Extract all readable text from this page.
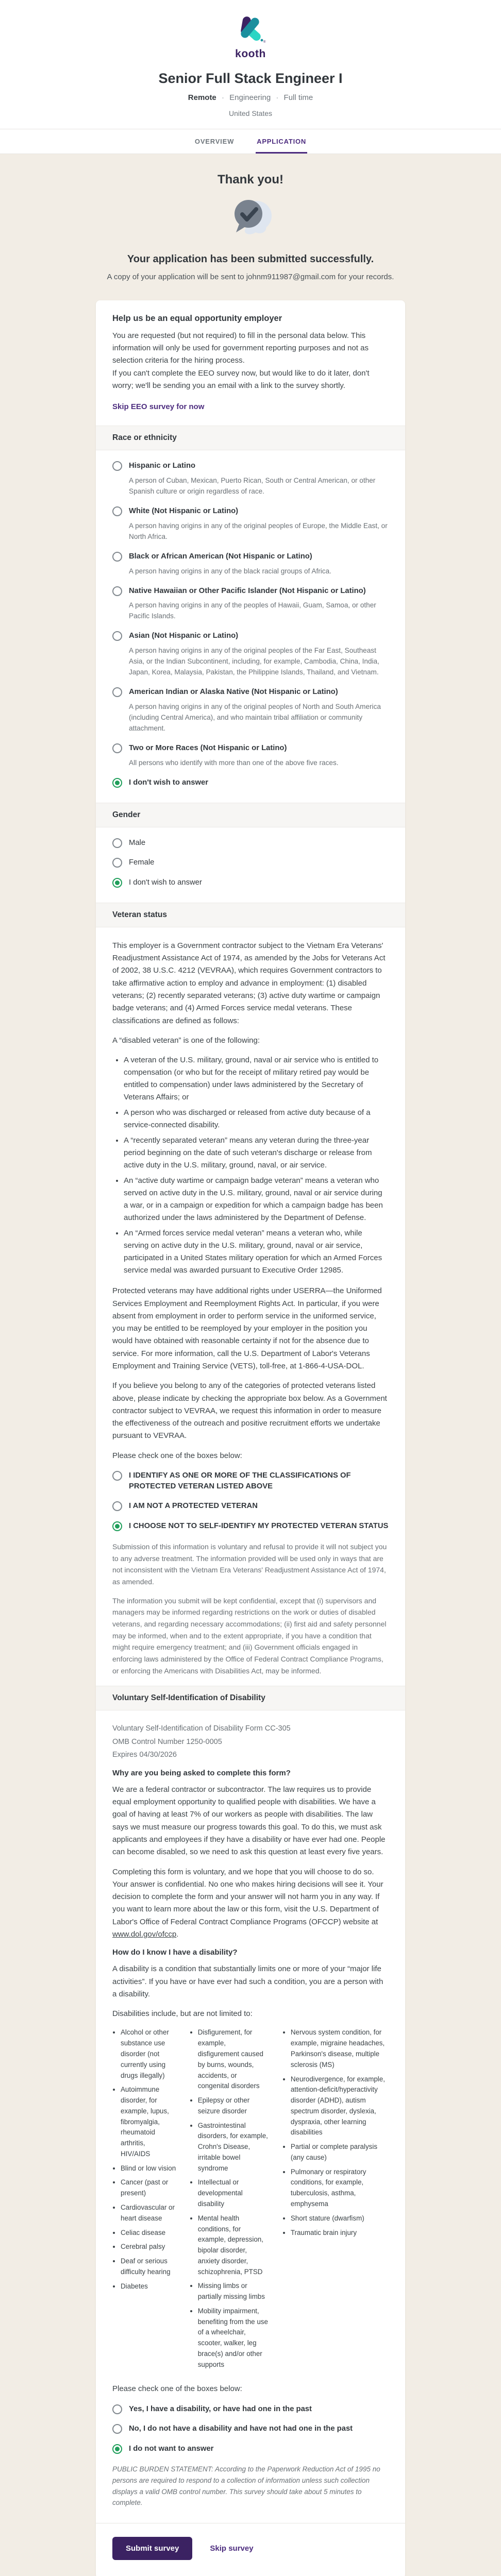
®
kooth
Senior Full Stack Engineer I
Remote · Engineering · Full time
United States
OVERVIEW	APPLICATION
Thank you!
Your application has been submitted successfully.
A copy of your application will be sent to johnm911987@gmail.com for your records.
Help us be an equal opportunity employer

You are requested (but not required) to fill in the personal data below. This information will only be used for government reporting purposes and not as selection criteria for the hiring process.

If you can't complete the EEO survey now, but would like to do it later, don't worry; we'll be sending you an email with a link to the survey shortly.

Skip EEO survey for now
Race or ethnicity
Hispanic or Latino
A person of Cuban, Mexican, Puerto Rican, South or Central American, or other Spanish culture or origin regardless of race.
White (Not Hispanic or Latino)
A person having origins in any of the original peoples of Europe, the Middle East, or North Africa.
Black or African American (Not Hispanic or Latino)
A person having origins in any of the black racial groups of Africa.
Native Hawaiian or Other Pacific Islander (Not Hispanic or Latino)
A person having origins in any of the peoples of Hawaii, Guam, Samoa, or other Pacific Islands.
Asian (Not Hispanic or Latino)
A person having origins in any of the original peoples of the Far East, Southeast Asia, or the Indian Subcontinent, including, for example, Cambodia, China, India, Japan, Korea, Malaysia, Pakistan, the Philippine Islands, Thailand, and Vietnam.
American Indian or Alaska Native (Not Hispanic or Latino)
A person having origins in any of the original peoples of North and South America (including Central America), and who maintain tribal affiliation or community attachment.
Two or More Races (Not Hispanic or Latino)
All persons who identify with more than one of the above five races.
I don't wish to answer
Gender
Male
Female
I don't wish to answer
Veteran status

This employer is a Government contractor subject to the Vietnam Era Veterans' Readjustment Assistance Act of 1974, as amended by the Jobs for Veterans Act of 2002, 38 U.S.C. 4212 (VEVRAA), which requires Government contractors to take affirmative action to employ and advance in employment: (1) disabled veterans; (2) recently separated veterans; (3) active duty wartime or campaign badge veterans; and (4) Armed Forces service medal veterans. These classifications are defined as follows:

A “disabled veteran” is one of the following:

• A veteran of the U.S. military, ground, naval or air service who is entitled to compensation (or who but for the receipt of military retired pay would be entitled to compensation) under laws administered by the Secretary of Veterans Affairs; or
• A person who was discharged or released from active duty because of a service-connected disability.
• A “recently separated veteran” means any veteran during the three-year period beginning on the date of such veteran's discharge or release from active duty in the U.S. military, ground, naval, or air service.
• An “active duty wartime or campaign badge veteran” means a veteran who served on active duty in the U.S. military, ground, naval or air service during a war, or in a campaign or expedition for which a campaign badge has been authorized under the laws administered by the Department of Defense.
• An “Armed forces service medal veteran” means a veteran who, while serving on active duty in the U.S. military, ground, naval or air service, participated in a United States military operation for which an Armed Forces service medal was awarded pursuant to Executive Order 12985.

Protected veterans may have additional rights under USERRA—the Uniformed Services Employment and Reemployment Rights Act. In particular, if you were absent from employment in order to perform service in the uniformed service, you may be entitled to be reemployed by your employer in the position you would have obtained with reasonable certainty if not for the absence due to service. For more information, call the U.S. Department of Labor's Veterans Employment and Training Service (VETS), toll-free, at 1-866-4-USA-DOL.

If you believe you belong to any of the categories of protected veterans listed above, please indicate by checking the appropriate box below. As a Government contractor subject to VEVRAA, we request this information in order to measure the effectiveness of the outreach and positive recruitment efforts we undertake pursuant to VEVRAA.

Please check one of the boxes below:

I IDENTIFY AS ONE OR MORE OF THE CLASSIFICATIONS OF PROTECTED VETERAN LISTED ABOVE
I AM NOT A PROTECTED VETERAN
I CHOOSE NOT TO SELF-IDENTIFY MY PROTECTED VETERAN STATUS

Submission of this information is voluntary and refusal to provide it will not subject you to any adverse treatment. The information provided will be used only in ways that are not inconsistent with the Vietnam Era Veterans' Readjustment Assistance Act of 1974, as amended.

The information you submit will be kept confidential, except that (i) supervisors and managers may be informed regarding restrictions on the work or duties of disabled veterans, and regarding necessary accommodations; (ii) first aid and safety personnel may be informed, when and to the extent appropriate, if you have a condition that might require emergency treatment; and (iii) Government officials engaged in enforcing laws administered by the Office of Federal Contract Compliance Programs, or enforcing the Americans with Disabilities Act, may be informed.

Voluntary Self-Identification of Disability

Voluntary Self-Identification of Disability Form CC-305

OMB Control Number 1250-0005

Expires 04/30/2026

Why are you being asked to complete this form?

We are a federal contractor or subcontractor. The law requires us to provide equal employment opportunity to qualified people with disabilities. We have a goal of having at least 7% of our workers as people with disabilities. The law says we must measure our progress towards this goal. To do this, we must ask applicants and employees if they have a disability or have ever had one. People can become disabled, so we need to ask this question at least every five years.

Completing this form is voluntary, and we hope that you will choose to do so. Your answer is confidential. No one who makes hiring decisions will see it. Your decision to complete the form and your answer will not harm you in any way. If you want to learn more about the law or this form, visit the U.S. Department of Labor's Office of Federal Contract Compliance Programs (OFCCP) website at www.dol.gov/ofccp.

How do I know I have a disability?

A disability is a condition that substantially limits one or more of your “major life activities”. If you have or have ever had such a condition, you are a person with a disability.

Disabilities include, but are not limited to:

• Alcohol or other substance use disorder (not currently using drugs illegally)
• Autoimmune disorder, for example, lupus, fibromyalgia, rheumatoid arthritis, HIV/AIDS
• Blind or low vision
• Cancer (past or present)
• Cardiovascular or heart disease
• Celiac disease
• Cerebral palsy
• Deaf or serious difficulty hearing
• Diabetes
• Disfigurement, for example, disfigurement caused by burns, wounds, accidents, or congenital disorders
• Epilepsy or other seizure disorder
• Gastrointestinal disorders, for example, Crohn's Disease, irritable bowel syndrome
• Intellectual or developmental disability
• Mental health conditions, for example, depression, bipolar disorder, anxiety disorder, schizophrenia, PTSD
• Missing limbs or partially missing limbs
• Mobility impairment, benefiting from the use of a wheelchair, scooter, walker, leg brace(s) and/or other supports
• Nervous system condition, for example, migraine headaches, Parkinson's disease, multiple sclerosis (MS)
• Neurodivergence, for example, attention-deficit/hyperactivity disorder (ADHD), autism spectrum disorder, dyslexia, dyspraxia, other learning disabilities
• Partial or complete paralysis (any cause)
• Pulmonary or respiratory conditions, for example, tuberculosis, asthma, emphysema
• Short stature (dwarfism)
• Traumatic brain injury

Please check one of the boxes below:

Yes, I have a disability, or have had one in the past
No, I do not have a disability and have not had one in the past
I do not want to answer

PUBLIC BURDEN STATEMENT: According to the Paperwork Reduction Act of 1995 no persons are required to respond to a collection of information unless such collection displays a valid OMB control number. This survey should take about 5 minutes to complete.

Submit survey	Skip survey
